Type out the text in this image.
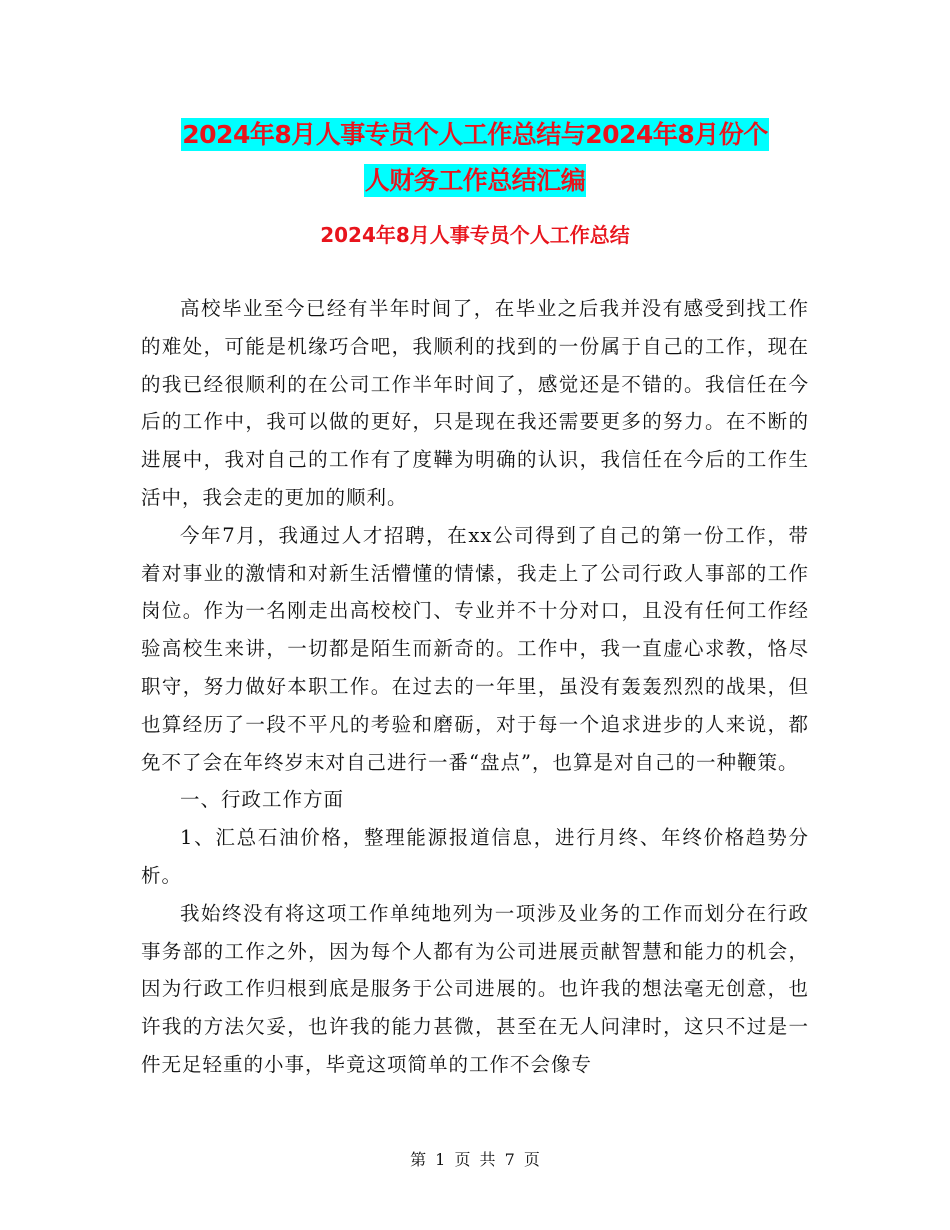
2024年8月人事专员个人工作总结与2024年8月份个
人财务工作总结汇编
2024年8月人事专员个人工作总结

高校毕业至今已经有半年时间了，在毕业之后我并没有感受到找工作的难处，可能是机缘巧合吧，我顺利的找到的一份属于自己的工作，现在的我已经很顺利的在公司工作半年时间了，感觉还是不错的。我信任在今后的工作中，我可以做的更好，只是现在我还需要更多的努力。在不断的进展中，我对自己的工作有了度鞾为明确的认识，我信任在今后的工作生活中，我会走的更加的顺利。

今年7月，我通过人才招聘，在xx公司得到了自己的第一份工作，带着对事业的激情和对新生活懵懂的情愫，我走上了公司行政人事部的工作岗位。作为一名刚走出高校校门、专业并不十分对口，且没有任何工作经验高校生来讲，一切都是陌生而新奇的。工作中，我一直虚心求教，恪尽职守，努力做好本职工作。在过去的一年里，虽没有轰轰烈烈的战果，但也算经历了一段不平凡的考验和磨砺，对于每一个追求进步的人来说，都免不了会在年终岁末对自己进行一番“盘点”，也算是对自己的一种鞭策。

一、行政工作方面

1、汇总石油价格，整理能源报道信息，进行月终、年终价格趋势分析。

我始终没有将这项工作单纯地列为一项涉及业务的工作而划分在行政事务部的工作之外，因为每个人都有为公司进展贡献智慧和能力的机会，因为行政工作归根到底是服务于公司进展的。也许我的想法毫无创意，也许我的方法欠妥，也许我的能力甚微，甚至在无人问津时，这只不过是一件无足轻重的小事，毕竟这项简单的工作不会像专

第 1 页 共 7 页
